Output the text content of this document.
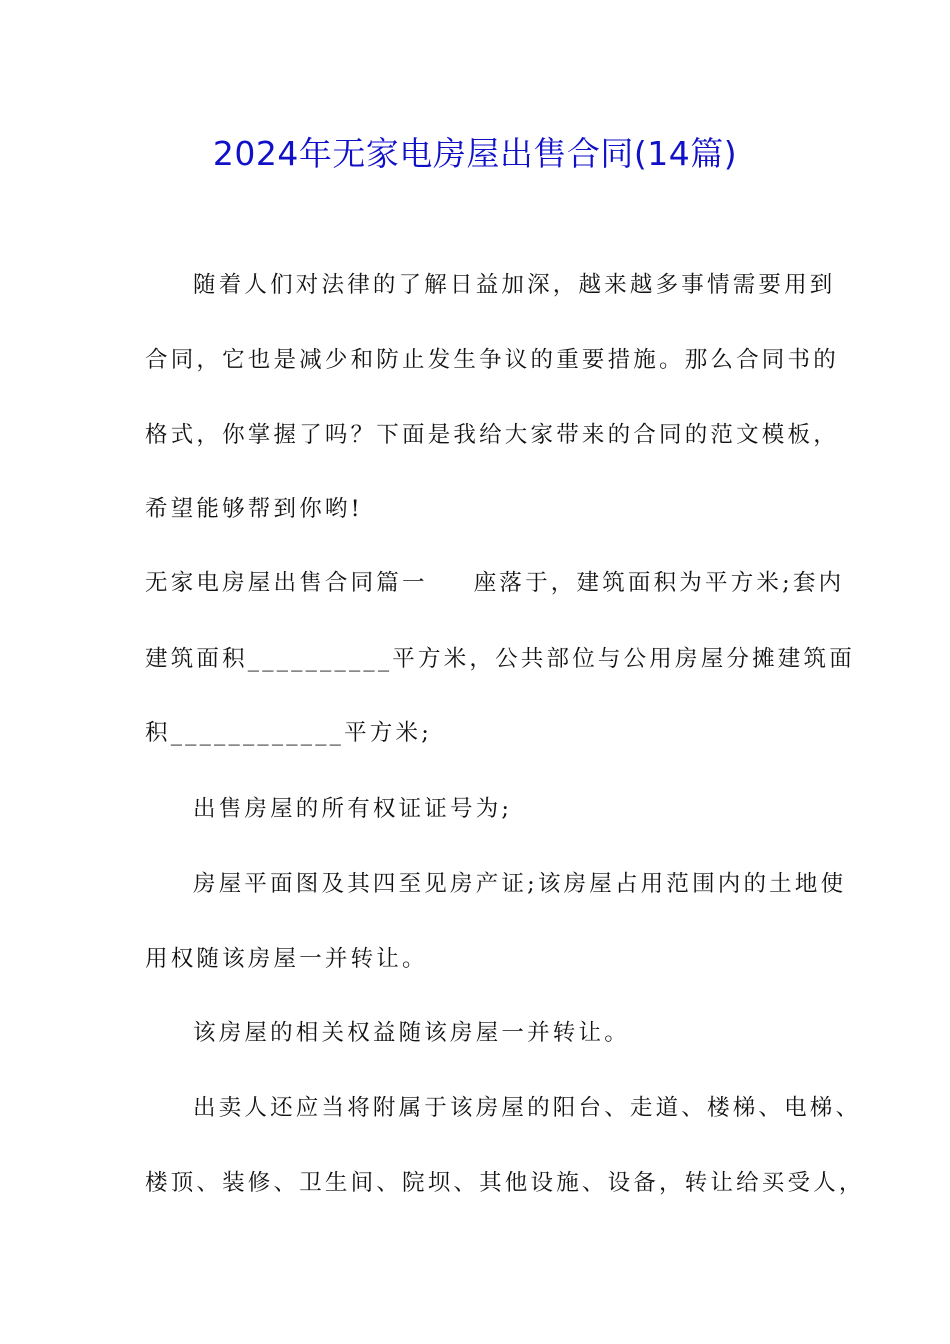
2024年无家电房屋出售合同(14篇)
随着人们对法律的了解日益加深，越来越多事情需要用到
合同，它也是减少和防止发生争议的重要措施。那么合同书的
格式，你掌握了吗？下面是我给大家带来的合同的范文模板，
希望能够帮到你哟!
无家电房屋出售合同篇一 座落于，建筑面积为平方米;套内
建筑面积__________平方米，公共部位与公用房屋分摊建筑面
积____________平方米;
出售房屋的所有权证证号为;
房屋平面图及其四至见房产证;该房屋占用范围内的土地使
用权随该房屋一并转让。
该房屋的相关权益随该房屋一并转让。
出卖人还应当将附属于该房屋的阳台、走道、楼梯、电梯、
楼顶、装修、卫生间、院坝、其他设施、设备，转让给买受人，
